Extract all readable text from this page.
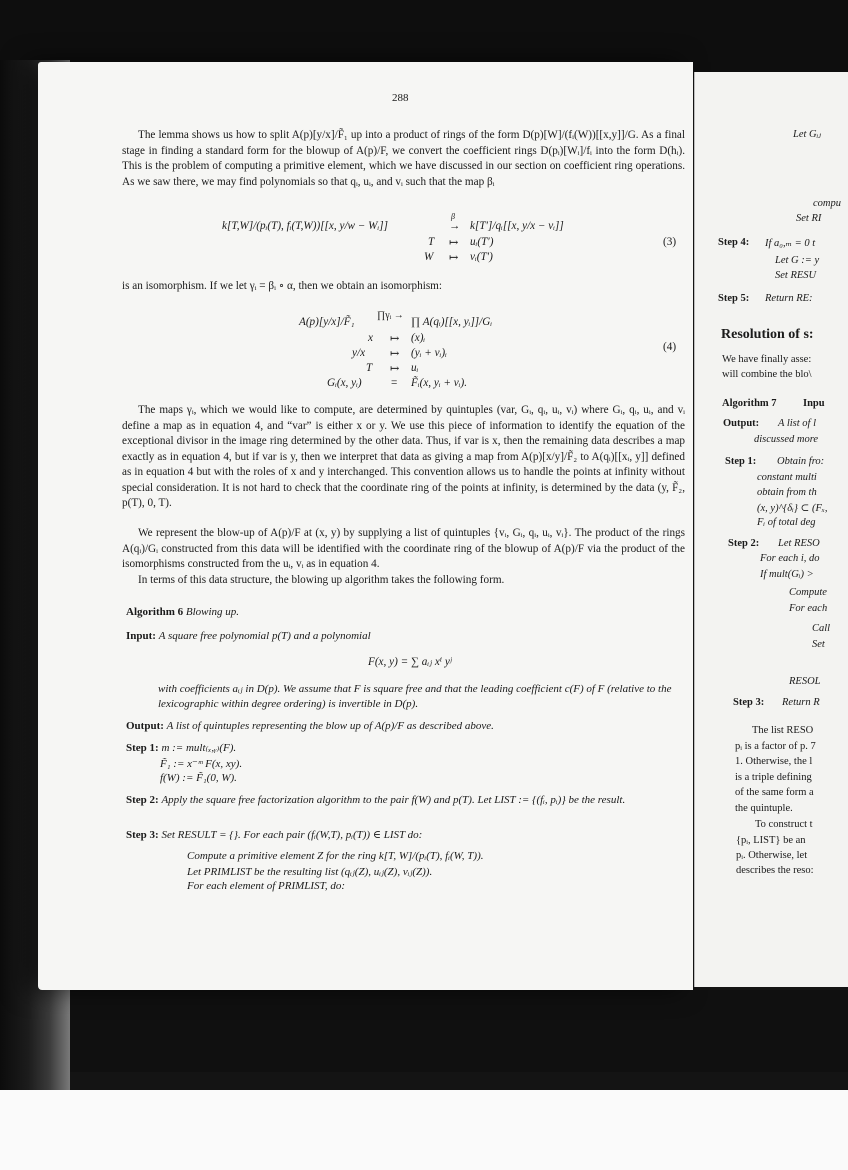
288
The lemma shows us how to split A(p)[y/x]/F̃₁ up into a product of rings of the form D(p)[W]/(fᵢ(W))[[x,y]]/G. As a final stage in finding a standard form for the blowup of A(p)/F, we convert the coefficient rings D(pᵢ)[Wᵢ]/fᵢ into the form D(hᵢ). This is the problem of computing a primitive element, which we have discussed in our section on coefficient ring operations. As we saw there, we may find polynomials so that qᵢ, uᵢ, and vᵢ such that the map βᵢ
k[T,W]/(pᵢ(T), fᵢ(T,W))[[x, y/w − Wᵢ]]
β
→ k[T′]/qᵢ[[x, y/x − vᵢ]]
T ↦ uᵢ(T′)
W ↦ vᵢ(T′)
(3)
is an isomorphism. If we let γᵢ = βᵢ ∘ α, then we obtain an isomorphism:
A(p)[y/x]/F̃₁
∏γᵢ →
∏ A(qᵢ)[[x, yᵢ]]/Gᵢ
x ↦ (x)ᵢ
y/x ↦ (yᵢ + vᵢ)ᵢ
T ↦ uᵢ
Gᵢ(x, yᵢ)	= F̃ᵢ(x, yᵢ + vᵢ).
(4)
The maps γᵢ, which we would like to compute, are determined by quintuples (var, Gᵢ, qᵢ, uᵢ, vᵢ) where Gᵢ, qᵢ, uᵢ, and vᵢ define a map as in equation 4, and “var” is either x or y. We use this piece of information to identify the equation of the exceptional divisor in the image ring determined by the other data. Thus, if var is x, then the remaining data describes a map exactly as in equation 4, but if var is y, then we interpret that data as giving a map from A(p)[x/y]/F̃₂ to A(qᵢ)[[xᵢ, y]] defined as in equation 4 but with the roles of x and y interchanged. This convention allows us to handle the points at infinity without special consideration. It is not hard to check that the coordinate ring of the points at infinity, is determined by the data (y, F̃₂, p(T), 0, T).
We represent the blow-up of A(p)/F at (x, y) by supplying a list of quintuples {vᵢ, Gᵢ, qᵢ, uᵢ, vᵢ}. The product of the rings A(qᵢ)/Gᵢ constructed from this data will be identified with the coordinate ring of the blowup of A(p)/F via the product of the isomorphisms constructed from the uᵢ, vᵢ as in equation 4.
In terms of this data structure, the blowing up algorithm takes the following form.
Algorithm 6 Blowing up.
Input: A square free polynomial p(T) and a polynomial
F(x, y) = ∑ aᵢⱼ xⁱ yʲ
with coefficients aᵢⱼ in D(p). We assume that F is square free and that the leading coefficient c(F) of F (relative to the lexicographic within degree ordering) is invertible in D(p).
Output: A list of quintuples representing the blow up of A(p)/F as described above.
Step 1: m := mult₍ₓ,ᵧ₎(F).
F̃₁ := x⁻ᵐ F(x, xy).
f(W) := F̃₁(0, W).
Step 2: Apply the square free factorization algorithm to the pair f(W) and p(T). Let LIST := {(fᵢ, pᵢ)} be the result.
Step 3: Set RESULT = {}. For each pair (fᵢ(W,T), pᵢ(T)) ∈ LIST do:
Compute a primitive element Z for the ring k[T, W]/(pᵢ(T), fᵢ(W, T)).
Let PRIMLIST be the resulting list (qᵢⱼ(Z), uᵢⱼ(Z), vᵢⱼ(Z)).
For each element of PRIMLIST, do:
Let Gᵢⱼ
compu
Set RI
Step 4: If a₀,ₘ = 0 t
Let G := y
Set RESU
Step 5: Return RE:
Resolution of s:
We have finally asse:
will combine the blo\
Algorithm 7	Inpu
Output: A list of l
discussed more
Step 1: Obtain fro:
constant multi
obtain from th
(x, y)^{δᵢ} ⊂ (Fₓ,
Fᵢ of total deg
Step 2: Let RESO
For each i, do
If mult(Gᵢ) >
Compute
For each
Call
Set
RESOL
Step 3: Return R
The list RESO
pᵢ is a factor of p. 7
1. Otherwise, the l
is a triple defining
of the same form a
the quintuple.
To construct t
{pᵢ, LIST} be an
pᵢ. Otherwise, let
describes the reso:
